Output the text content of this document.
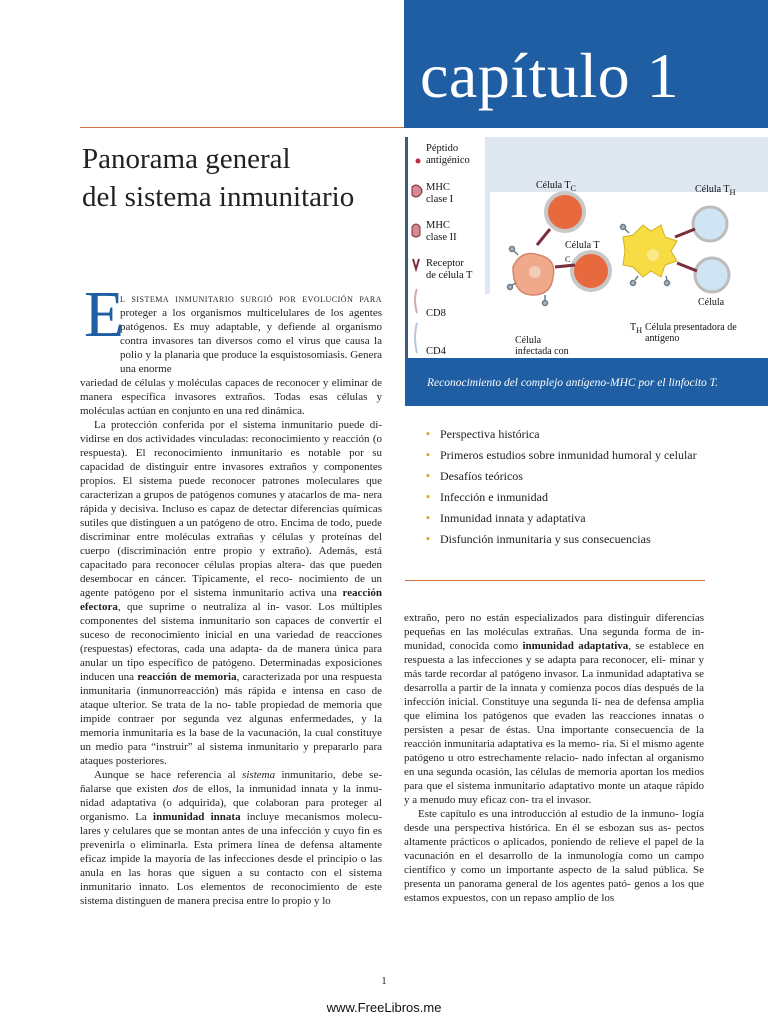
capítulo 1
Panorama general
del sistema inmunitario
Péptido antigénico
MHC clase I
MHC clase II
Receptor de célula T
CD8
CD4
Célula $T_C$	Célula $T_H$
Célula T $_C$
Célula
$T_H$ Célula presentadora de antígeno
Célula infectada con
Reconocimiento del complejo antígeno-MHC por el linfocito T.
▪ Perspectiva histórica
▪ Primeros estudios sobre inmunidad humoral y celular
▪ Desafíos teóricos
▪ Infección e inmunidad
▪ Inmunidad innata y adaptativa
▪ Disfunción inmunitaria y sus consecuencias
E
l sistema inmunitario surgió por evolución para proteger a los organismos multicelulares de los agentes patógenos. Es muy adaptable, y defiende al organismo contra invasores tan diversos como el virus que causa la polio y la planaria que produce la esquistosomiasis. Genera una enorme

variedad de células y moléculas capaces de reconocer y eliminar de manera específica invasores extraños. Todas esas células y moléculas actúan en conjunto en una red dinámica.

La protección conferida por el sistema inmunitario puede di- vidirse en dos actividades vinculadas: reconocimiento y reacción (o respuesta). El reconocimiento inmunitario es notable por su capacidad de distinguir entre invasores extraños y componentes propios. El sistema puede reconocer patrones moleculares que caracterizan a grupos de patógenos comunes y atacarlos de ma- nera rápida y decisiva. Incluso es capaz de detectar diferencias químicas sutiles que distinguen a un patógeno de otro. Encima de todo, puede discriminar entre moléculas extrañas y células y proteínas del cuerpo (discriminación entre propio y extraño). Además, está capacitado para reconocer células propias altera- das que pueden desembocar en cáncer. Típicamente, el reco- nocimiento de un agente patógeno por el sistema inmunitario activa una reacción efectora, que suprime o neutraliza al in- vasor. Los múltiples componentes del sistema inmunitario son capaces de convertir el suceso de reconocimiento inicial en una variedad de reacciones (respuestas) efectoras, cada una adapta- da de manera única para anular un tipo específico de patógeno. Determinadas exposiciones inducen una reacción de memoria, caracterizada por una respuesta inmunitaria (inmunorreacción) más rápida e intensa en caso de ataque ulterior. Se trata de la no- table propiedad de memoria que impide contraer por segunda vez algunas enfermedades, y la memoria inmunitaria es la base de la vacunación, la cual constituye un medio para “instruir” al sistema inmunitario y prepararlo para ataques posteriores.

Aunque se hace referencia al sistema inmunitario, debe se- ñalarse que existen dos de ellos, la inmunidad innata y la inmu- nidad adaptativa (o adquirida), que colaboran para proteger al organismo. La inmunidad innata incluye mecanismos molecu- lares y celulares que se montan antes de una infección y cuyo fin es prevenirla o eliminarla. Esta primera línea de defensa altamente eficaz impide la mayoría de las infecciones desde el principio o las anula en las horas que siguen a su contacto con el sistema inmunitario innato. Los elementos de reconocimiento de este sistema distinguen de manera precisa entre lo propio y lo

extraño, pero no están especializados para distinguir diferencias pequeñas en las moléculas extrañas. Una segunda forma de in- munidad, conocida como inmunidad adaptativa, se establece en respuesta a las infecciones y se adapta para reconocer, eli- minar y más tarde recordar al patógeno invasor. La inmunidad adaptativa se desarrolla a partir de la innata y comienza pocos días después de la infección inicial. Constituye una segunda lí- nea de defensa amplia que elimina los patógenos que evaden las reacciones innatas o persisten a pesar de éstas. Una importante consecuencia de la reacción inmunitaria adaptativa es la memo- ria. Si el mismo agente patógeno u otro estrechamente relacio- nado infectan al organismo en una segunda ocasión, las células de memoria aportan los medios para que el sistema inmunitario adaptativo monte un ataque rápido y a menudo muy eficaz con- tra el invasor.

Este capítulo es una introducción al estudio de la inmuno- logía desde una perspectiva histórica. En él se esbozan sus as- pectos altamente prácticos o aplicados, poniendo de relieve el papel de la vacunación en el desarrollo de la inmunología como un campo científico y como un importante aspecto de la salud pública. Se presenta un panorama general de los agentes pató- genos a los que estamos expuestos, con un repaso amplio de los

1
www.FreeLibros.me
